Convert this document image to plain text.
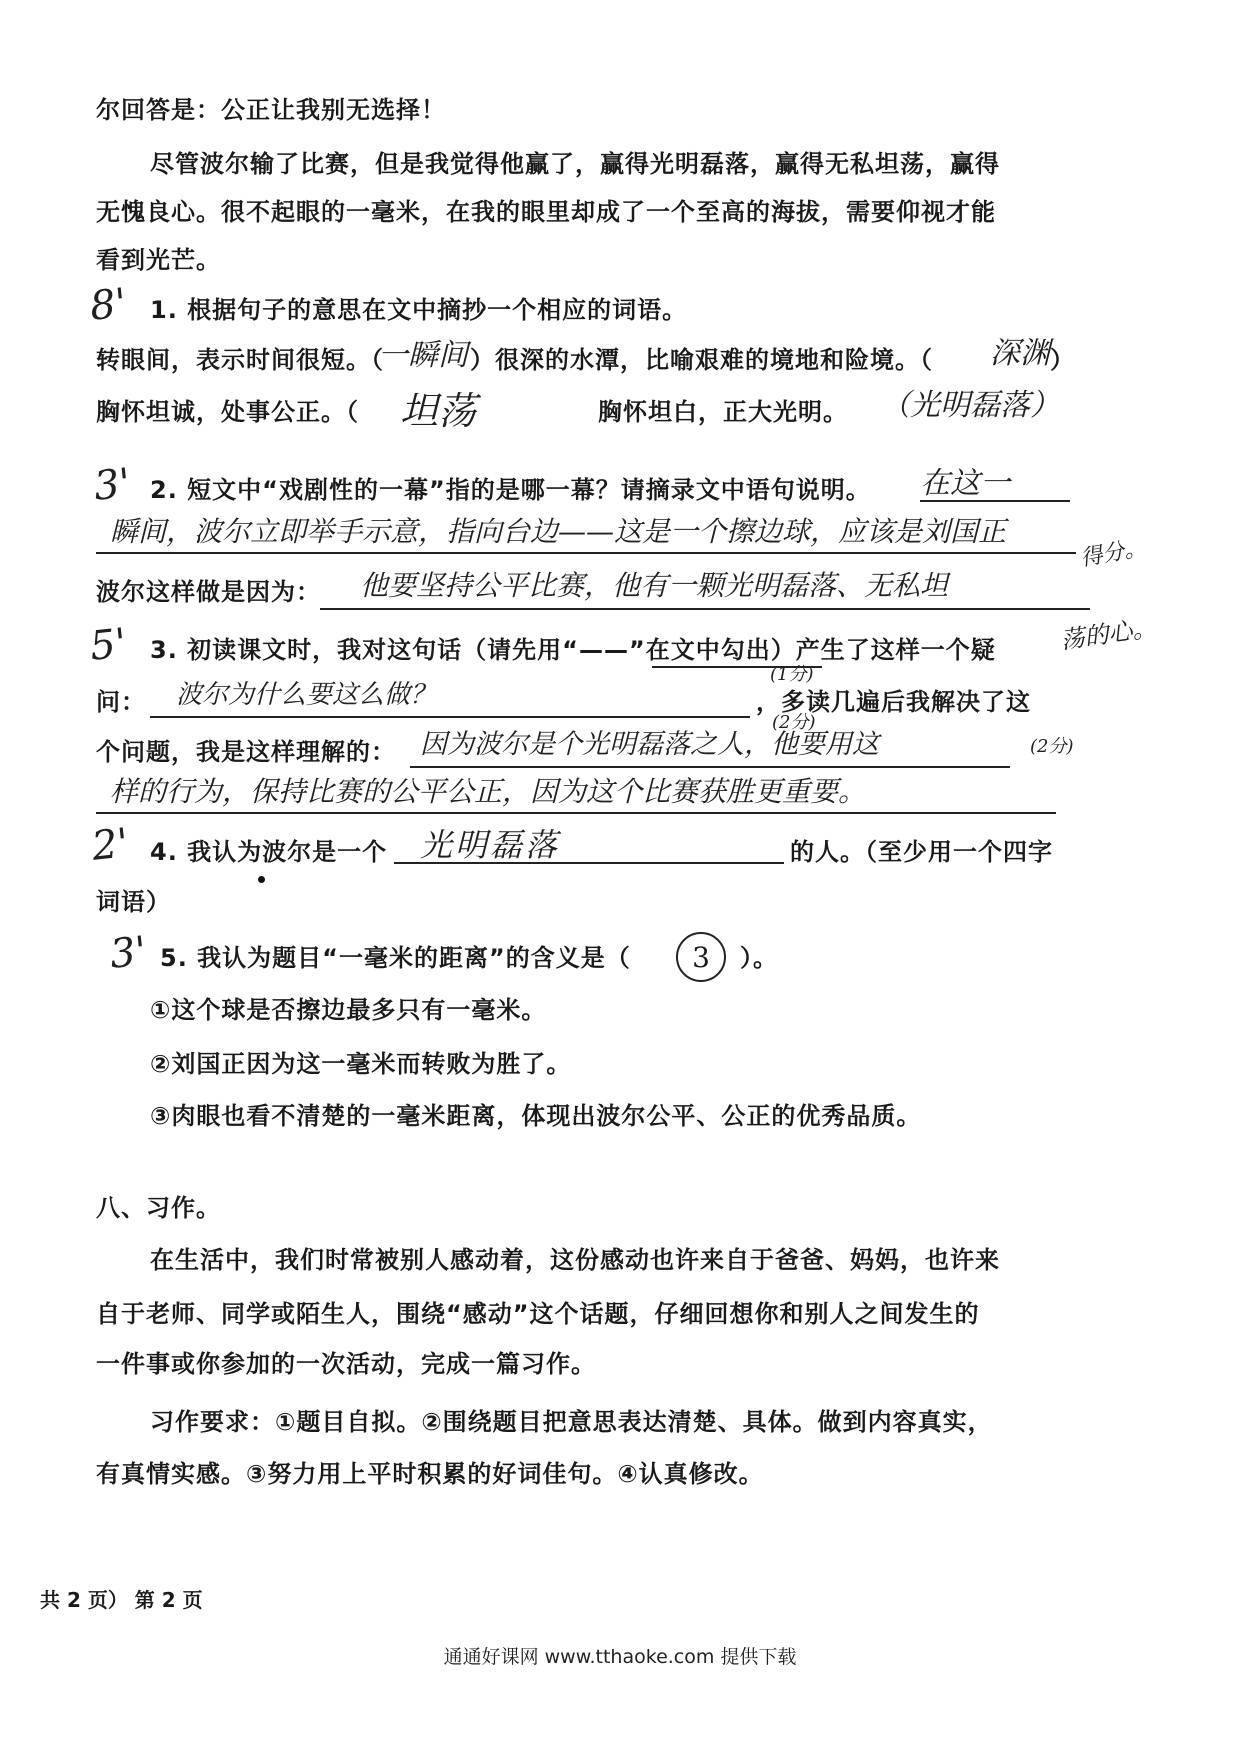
尔回答是：公正让我别无选择！
尽管波尔输了比赛，但是我觉得他赢了，赢得光明磊落，赢得无私坦荡，赢得
无愧良心。很不起眼的一毫米，在我的眼里却成了一个至高的海拔，需要仰视才能
看到光芒。
8' 1. 根据句子的意思在文中摘抄一个相应的词语。
转眼间，表示时间很短。（
一瞬间 ）很深的水潭，比喻艰难的境地和险境。（ 深渊 ）
胸怀坦诚，处事公正。（ 坦荡	胸怀坦白，正大光明。 （光明磊落）
3' 2. 短文中“戏剧性的一幕”指的是哪一幕？请摘录文中语句说明。 在这一
瞬间，波尔立即举手示意，指向台边——这是一个擦边球，应该是刘国正
得分。
波尔这样做是因为： 他要坚持公平比赛，他有一颗光明磊落、无私坦
荡的心。
5' 3. 初读课文时，我对这句话（请先用“——”在文中勾出）产生了这样一个疑
(1分)
问： 波尔为什么要这么做？	，多读几遍后我解决了这
(2分)
个问题，我是这样理解的： 因为波尔是个光明磊落之人，他要用这	(2分)
样的行为，保持比赛的公平公正，因为这个比赛获胜更重要。
2' 4. 我认为波尔是一个 光明磊落	的人。（至少用一个四字
词语）
3' 5. 我认为题目“一毫米的距离”的含义是（ 3 ）。
①这个球是否擦边最多只有一毫米。
②刘国正因为这一毫米而转败为胜了。
③肉眼也看不清楚的一毫米距离，体现出波尔公平、公正的优秀品质。
八、习作。
在生活中，我们时常被别人感动着，这份感动也许来自于爸爸、妈妈，也许来
自于老师、同学或陌生人，围绕“感动”这个话题，仔细回想你和别人之间发生的
一件事或你参加的一次活动，完成一篇习作。
习作要求：①题目自拟。②围绕题目把意思表达清楚、具体。做到内容真实，
有真情实感。③努力用上平时积累的好词佳句。④认真修改。
共 2 页） 第 2 页
通通好课网 www.tthaoke.com 提供下载
